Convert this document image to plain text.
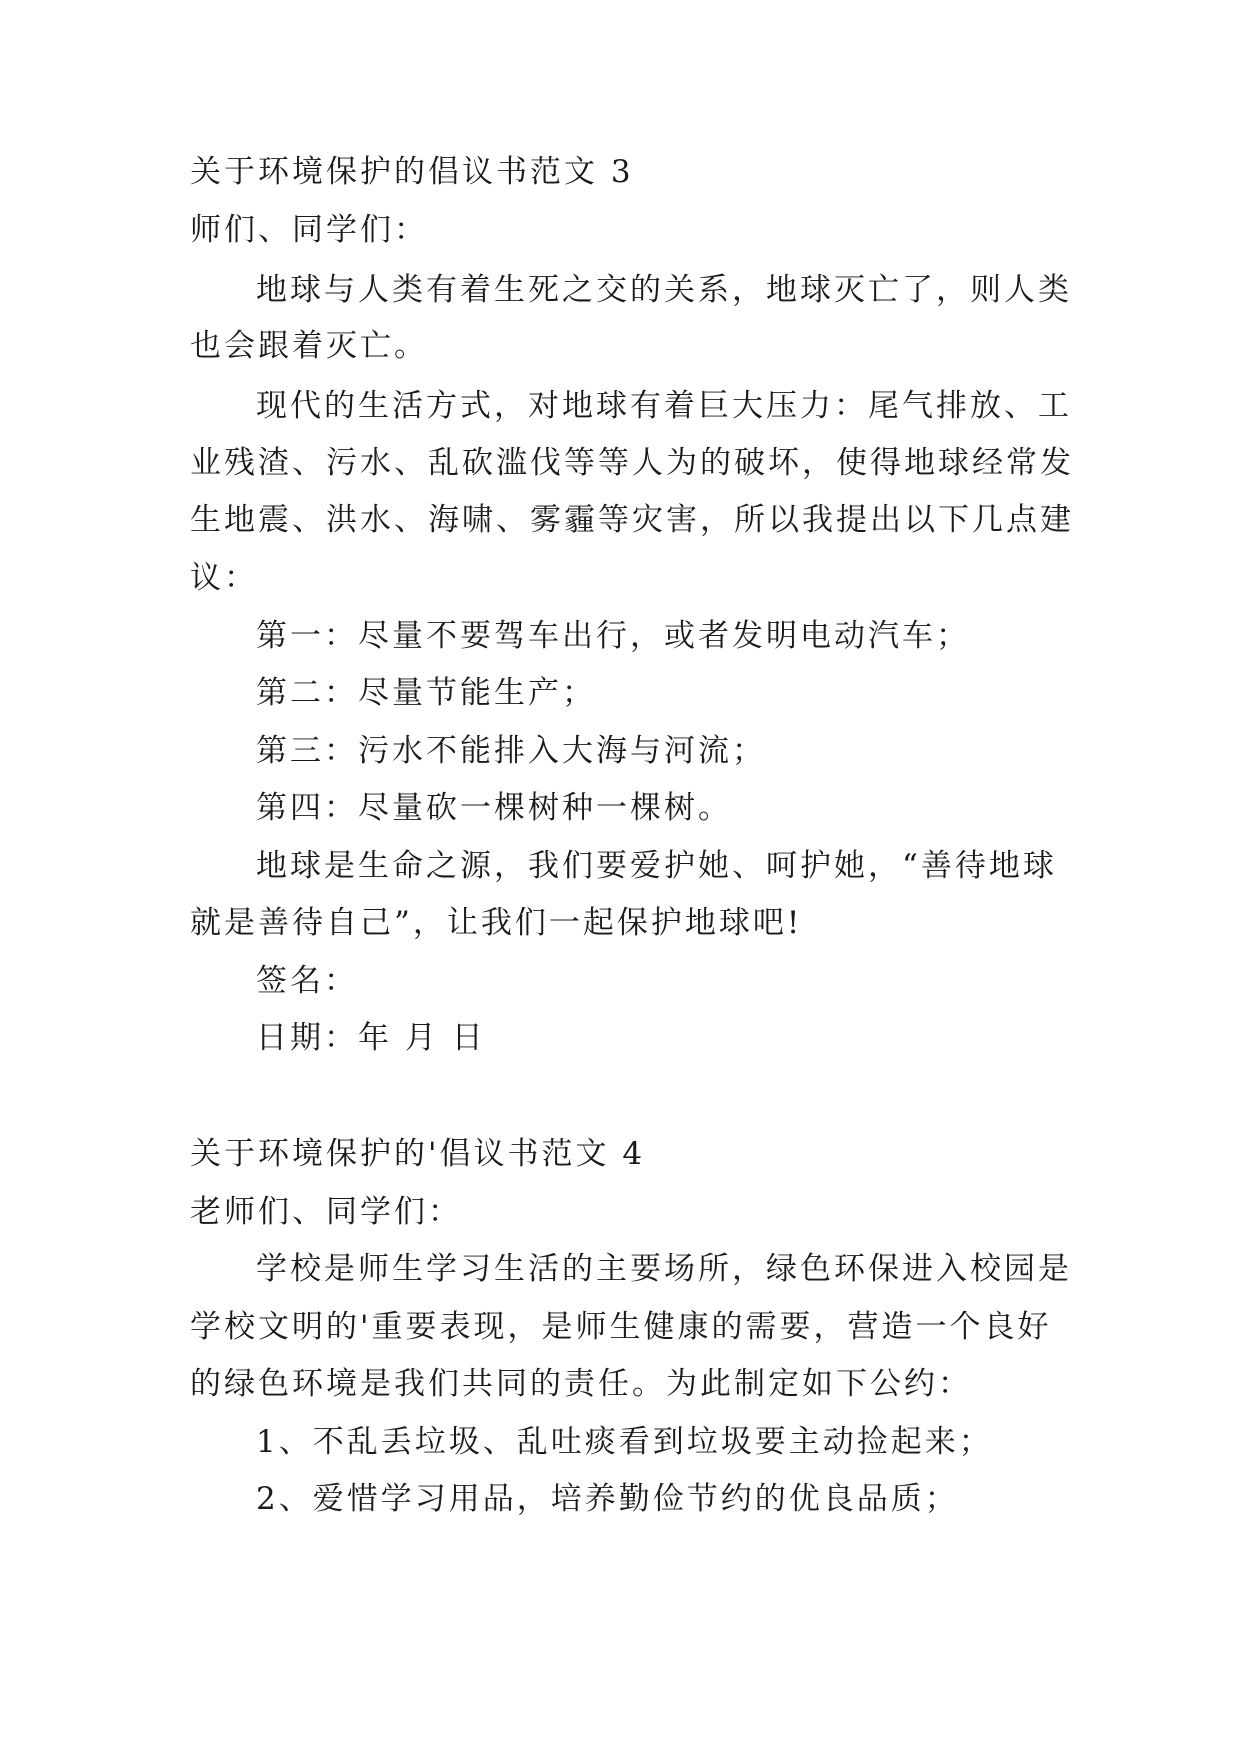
关于环境保护的倡议书范文 3
师们、同学们：
地球与人类有着生死之交的关系，地球灭亡了，则人类
也会跟着灭亡。
现代的生活方式，对地球有着巨大压力：尾气排放、工
业残渣、污水、乱砍滥伐等等人为的破坏，使得地球经常发
生地震、洪水、海啸、雾霾等灾害，所以我提出以下几点建
议：
第一：尽量不要驾车出行，或者发明电动汽车；
第二：尽量节能生产；
第三：污水不能排入大海与河流；
第四：尽量砍一棵树种一棵树。
地球是生命之源，我们要爱护她、呵护她，“善待地球
就是善待自己”，让我们一起保护地球吧!
签名：
日期：年 月 日
关于环境保护的'倡议书范文 4
老师们、同学们：
学校是师生学习生活的主要场所，绿色环保进入校园是
学校文明的'重要表现，是师生健康的需要，营造一个良好
的绿色环境是我们共同的责任。为此制定如下公约：
1、不乱丢垃圾、乱吐痰看到垃圾要主动捡起来；
2、爱惜学习用品，培养勤俭节约的优良品质；
